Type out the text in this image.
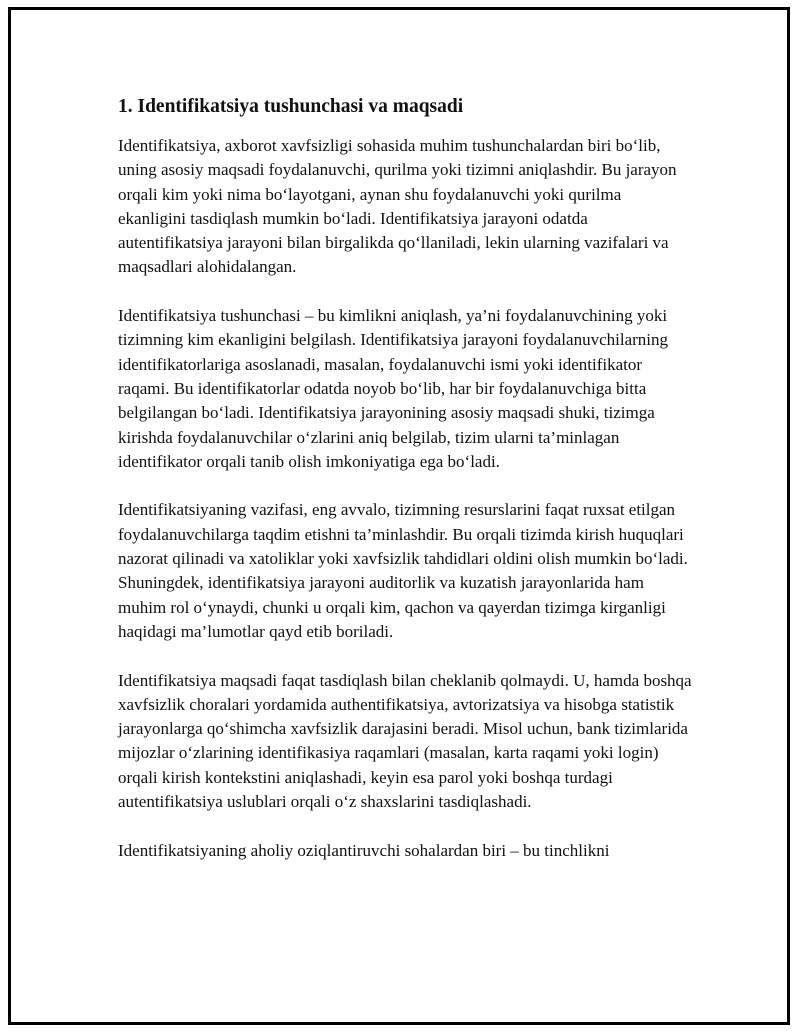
1. Identifikatsiya tushunchasi va maqsadi

Identifikatsiya, axborot xavfsizligi sohasida muhim tushunchalardan biri bo‘lib, uning asosiy maqsadi foydalanuvchi, qurilma yoki tizimni aniqlashdir. Bu jarayon orqali kim yoki nima bo‘layotgani, aynan shu foydalanuvchi yoki qurilma ekanligini tasdiqlash mumkin bo‘ladi. Identifikatsiya jarayoni odatda autentifikatsiya jarayoni bilan birgalikda qo‘llaniladi, lekin ularning vazifalari va maqsadlari alohidalangan.

Identifikatsiya tushunchasi – bu kimlikni aniqlash, ya’ni foydalanuvchining yoki tizimning kim ekanligini belgilash. Identifikatsiya jarayoni foydalanuvchilarning identifikatorlariga asoslanadi, masalan, foydalanuvchi ismi yoki identifikator raqami. Bu identifikatorlar odatda noyob bo‘lib, har bir foydalanuvchiga bitta belgilangan bo‘ladi. Identifikatsiya jarayonining asosiy maqsadi shuki, tizimga kirishda foydalanuvchilar o‘zlarini aniq belgilab, tizim ularni ta’minlagan identifikator orqali tanib olish imkoniyatiga ega bo‘ladi.

Identifikatsiyaning vazifasi, eng avvalo, tizimning resurslarini faqat ruxsat etilgan foydalanuvchilarga taqdim etishni ta’minlashdir. Bu orqali tizimda kirish huquqlari nazorat qilinadi va xatoliklar yoki xavfsizlik tahdidlari oldini olish mumkin bo‘ladi. Shuningdek, identifikatsiya jarayoni auditorlik va kuzatish jarayonlarida ham muhim rol o‘ynaydi, chunki u orqali kim, qachon va qayerdan tizimga kirganligi haqidagi ma’lumotlar qayd etib boriladi.

Identifikatsiya maqsadi faqat tasdiqlash bilan cheklanib qolmaydi. U, hamda boshqa xavfsizlik choralari yordamida authentifikatsiya, avtorizatsiya va hisobga statistik jarayonlarga qo‘shimcha xavfsizlik darajasini beradi. Misol uchun, bank tizimlarida mijozlar o‘zlarining identifikasiya raqamlari (masalan, karta raqami yoki login) orqali kirish kontekstini aniqlashadi, keyin esa parol yoki boshqa turdagi autentifikatsiya uslublari orqali o‘z shaxslarini tasdiqlashadi.

Identifikatsiyaning aholiy oziqlantiruvchi sohalardan biri – bu tinchlikni
